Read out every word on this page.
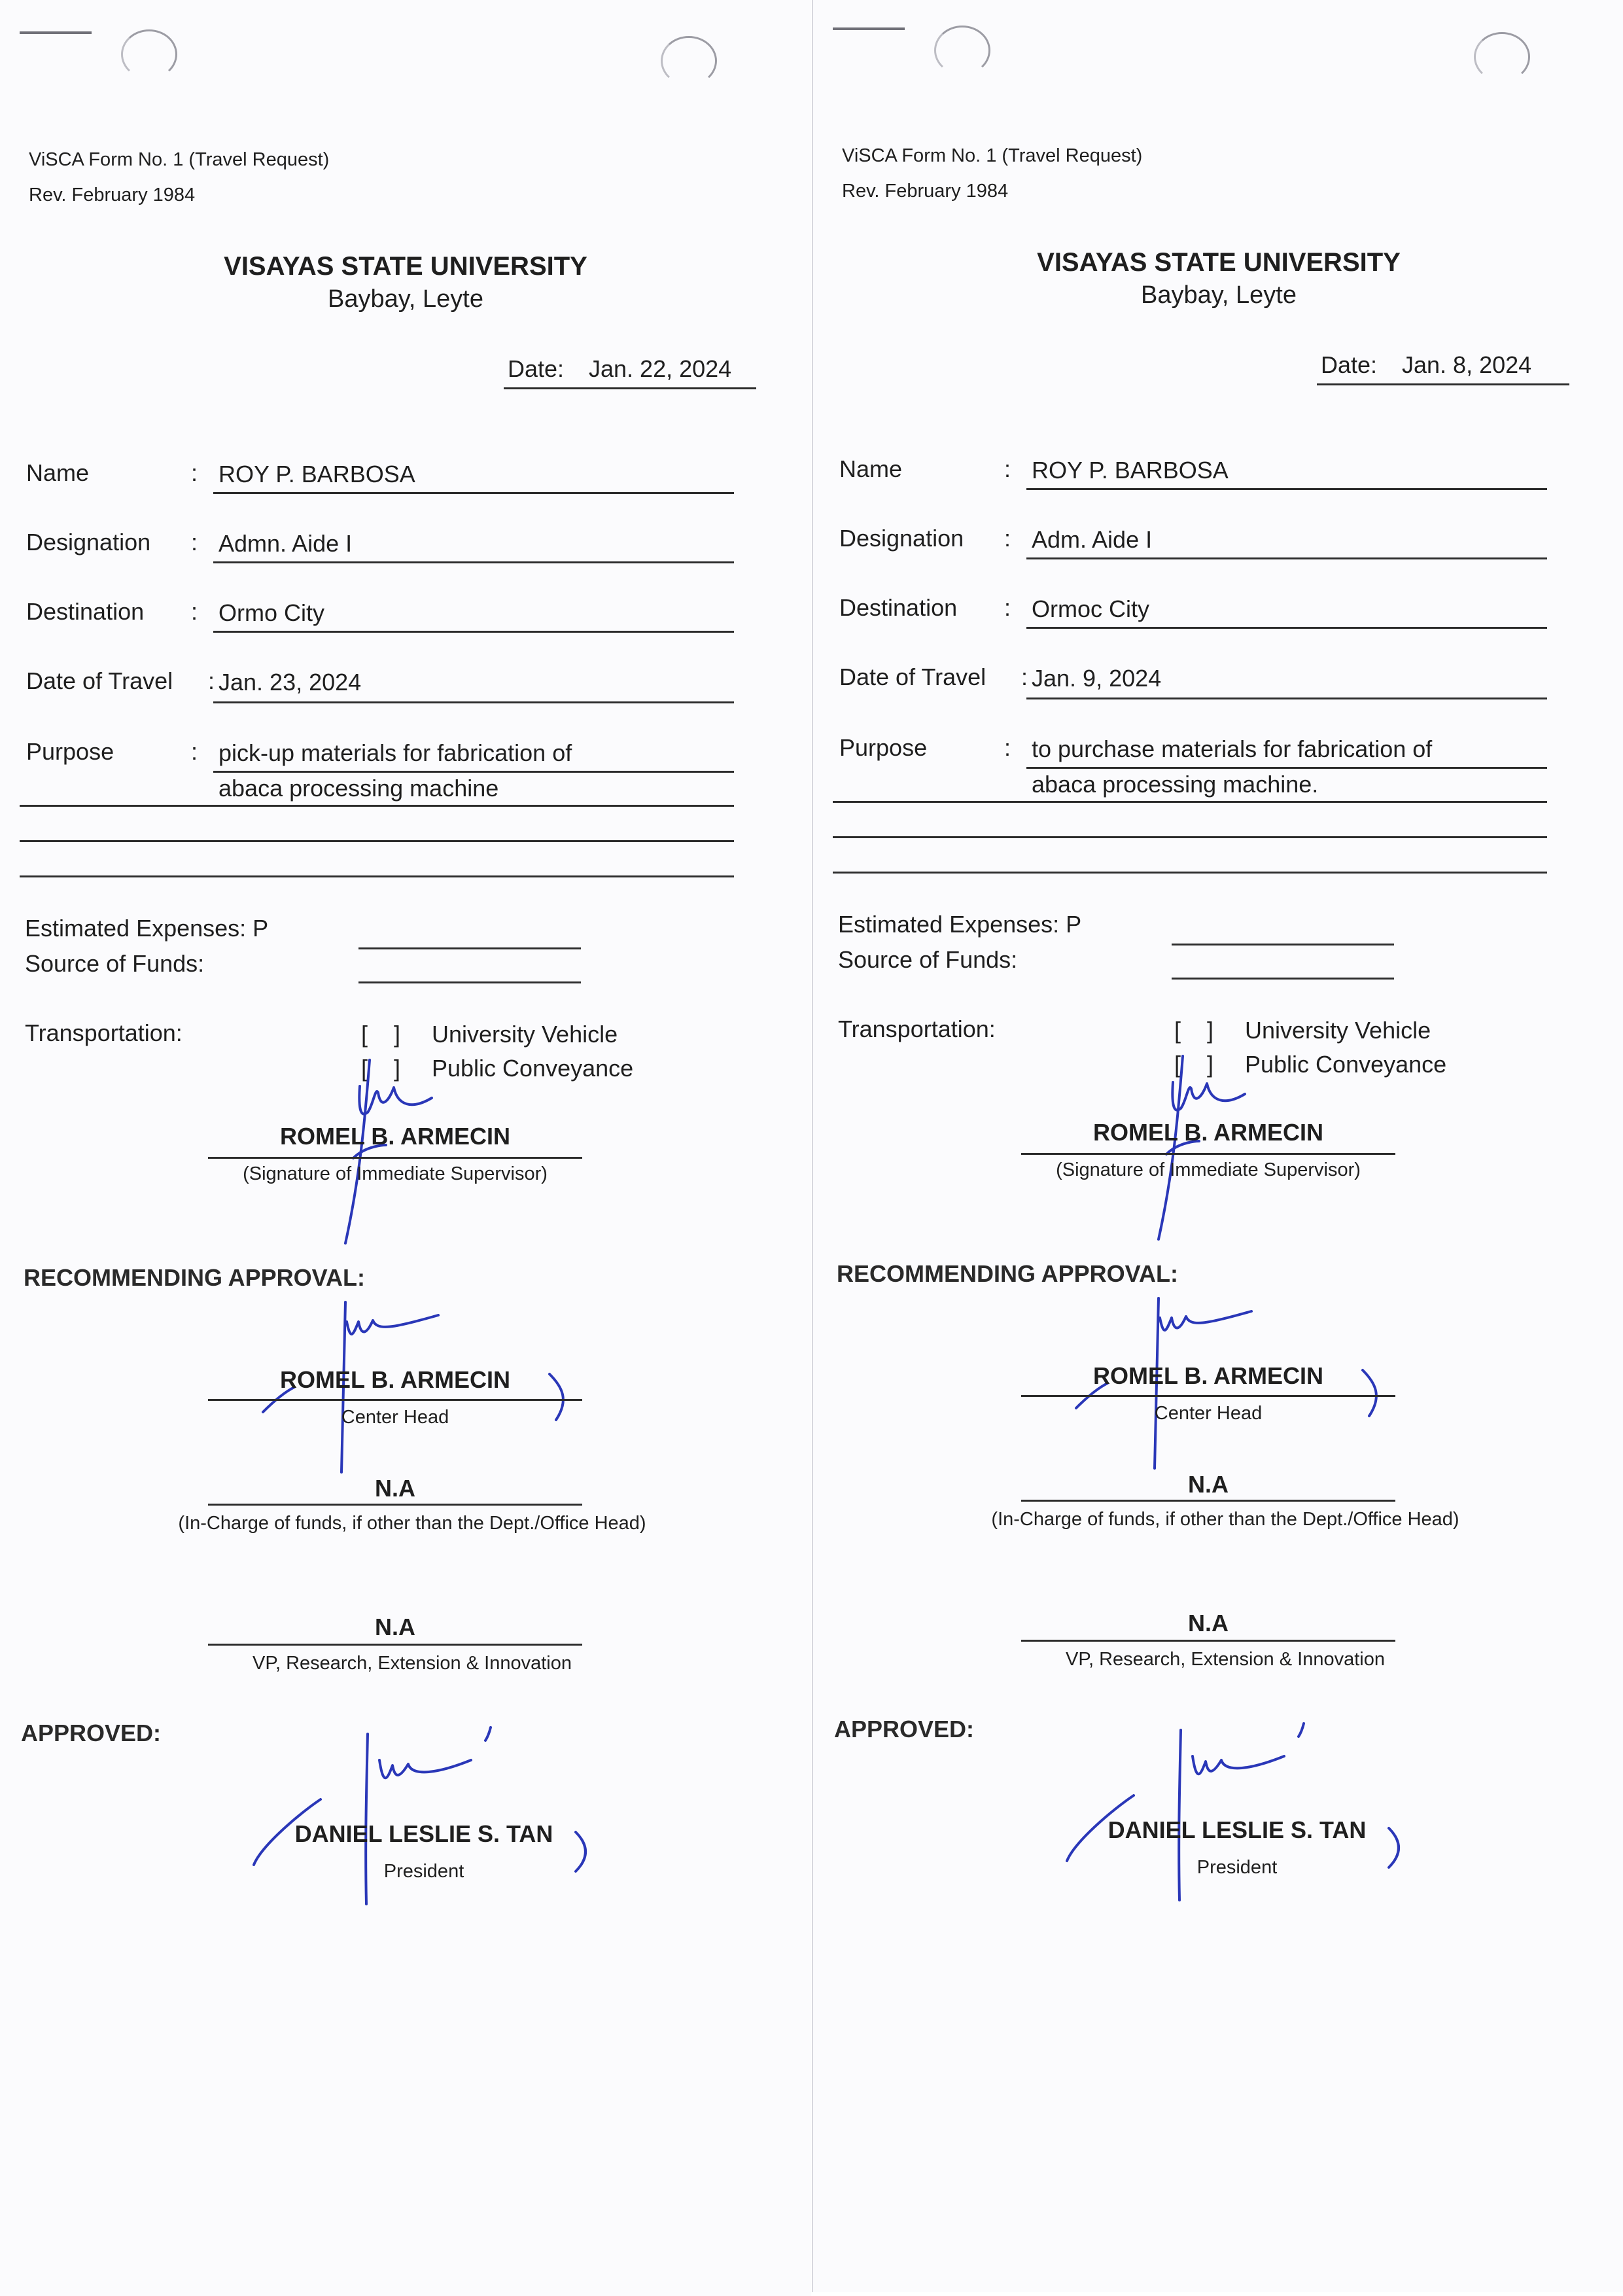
ViSCA Form No. 1 (Travel Request)
Rev. February 1984
VISAYAS STATE UNIVERSITY
Baybay, Leyte
Date: Jan. 22, 2024
Name	: ROY P. BARBOSA
Designation : Admn. Aide I
Destination : Ormo City
Date of Travel : Jan. 23, 2024
Purpose	: pick-up materials for fabrication of
abaca processing machine
Estimated Expenses: P
Source of Funds:
Transportation:	[    ] University Vehicle
[    ] Public Conveyance
ROMEL B. ARMECIN
(Signature of Immediate Supervisor)
RECOMMENDING APPROVAL:
ROMEL B. ARMECIN
Center Head
N.A
(In-Charge of funds, if other than the Dept./Office Head)
N.A
VP, Research, Extension & Innovation
APPROVED:
DANIEL LESLIE S. TAN
President
ViSCA Form No. 1 (Travel Request)
Rev. February 1984
VISAYAS STATE UNIVERSITY
Baybay, Leyte
Date: Jan. 8, 2024
Name	: ROY P. BARBOSA
Designation : Adm. Aide I
Destination : Ormoc City
Date of Travel : Jan. 9, 2024
Purpose	: to purchase materials for fabrication of
abaca processing machine.
Estimated Expenses: P
Source of Funds:
Transportation:	[    ] University Vehicle
[    ] Public Conveyance
ROMEL B. ARMECIN
(Signature of Immediate Supervisor)
RECOMMENDING APPROVAL:
ROMEL B. ARMECIN
Center Head
N.A
(In-Charge of funds, if other than the Dept./Office Head)
N.A
VP, Research, Extension & Innovation
APPROVED:
DANIEL LESLIE S. TAN
President
